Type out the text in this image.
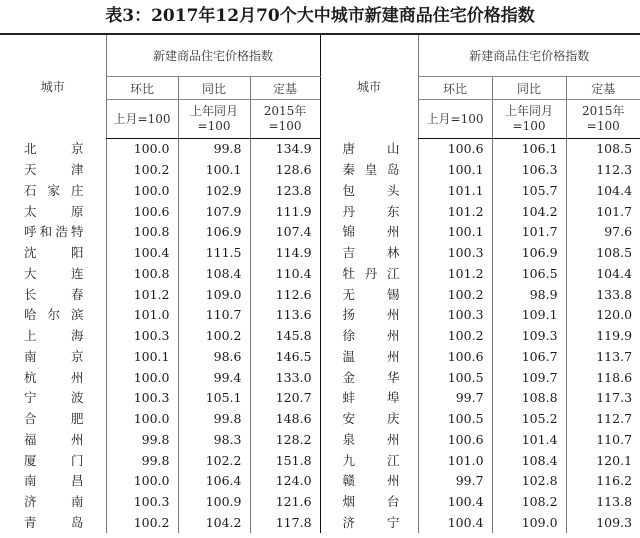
表3：2017年12月70个大中城市新建商品住宅价格指数
城市	新建商品住宅价格指数			城市	新建商品住宅价格指数		
	环比	同比	定基		环比	同比	定基
	上月=100	上年同月=100	2015年=100		上月=100	上年同月=100	2015年=100
北京	100.0	99.8	134.9	唐山	100.6	106.1	108.5
天津	100.2	100.1	128.6	秦皇岛	100.1	106.3	112.3
石家庄	100.0	102.9	123.8	包头	101.1	105.7	104.4
太原	100.6	107.9	111.9	丹东	101.2	104.2	101.7
呼和浩特	100.8	106.9	107.4	锦州	100.1	101.7	97.6
沈阳	100.4	111.5	114.9	吉林	100.3	106.9	108.5
大连	100.8	108.4	110.4	牡丹江	101.2	106.5	104.4
长春	101.2	109.0	112.6	无锡	100.2	98.9	133.8
哈尔滨	101.0	110.7	113.6	扬州	100.3	109.1	120.0
上海	100.3	100.2	145.8	徐州	100.2	109.3	119.9
南京	100.1	98.6	146.5	温州	100.6	106.7	113.7
杭州	100.0	99.4	133.0	金华	100.5	109.7	118.6
宁波	100.3	105.1	120.7	蚌埠	99.7	108.8	117.3
合肥	100.0	99.8	148.6	安庆	100.5	105.2	112.7
福州	99.8	98.3	128.2	泉州	100.6	101.4	110.7
厦门	99.8	102.2	151.8	九江	101.0	108.4	120.1
南昌	100.0	106.4	124.0	赣州	99.7	102.8	116.2
济南	100.3	100.9	121.6	烟台	100.4	108.2	113.8
青岛	100.2	104.2	117.8	济宁	100.4	109.0	109.3
